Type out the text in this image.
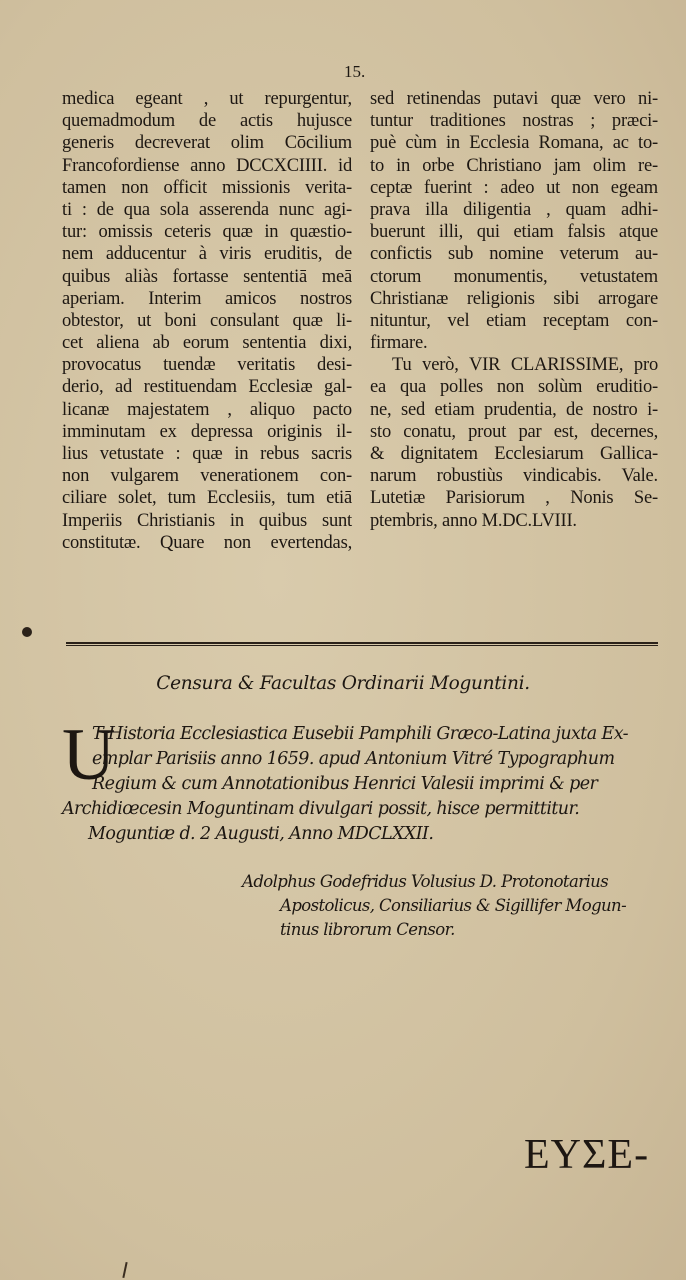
15.
medica egeant , ut repurgentur,
quemadmodum de actis hujusce
generis decreverat olim Cōcilium
Francofordiense anno DCCXCIIII. id
tamen non officit missionis verita-
ti : de qua sola asserenda nunc agi-
tur: omissis ceteris quæ in quæstio-
nem adducentur à viris eruditis, de
quibus aliàs fortasse sententiā meā
aperiam. Interim amicos nostros
obtestor, ut boni consulant quæ li-
cet aliena ab eorum sententia dixi,
provocatus tuendæ veritatis desi-
derio, ad restituendam Ecclesiæ gal-
licanæ majestatem , aliquo pacto
imminutam ex depressa originis il-
lius vetustate : quæ in rebus sacris
non vulgarem venerationem con-
ciliare solet, tum Ecclesiis, tum etiā
Imperiis Christianis in quibus sunt
constitutæ. Quare non evertendas,
sed retinendas putavi quæ vero ni-
tuntur traditiones nostras ; præci-
puè cùm in Ecclesia Romana, ac to-
to in orbe Christiano jam olim re-
ceptæ fuerint : adeo ut non egeam
prava illa diligentia , quam adhi-
buerunt illi, qui etiam falsis atque
confictis sub nomine veterum au-
ctorum monumentis, vetustatem
Christianæ religionis sibi arrogare
nituntur, vel etiam receptam con-
firmare.
Tu verò, VIR CLARISSIME, pro
ea qua polles non solùm eruditio-
ne, sed etiam prudentia, de nostro i-
sto conatu, prout par est, decernes,
& dignitatem Ecclesiarum Gallica-
narum robustiùs vindicabis. Vale.
Lutetiæ Parisiorum , Nonis Se-
ptembris, anno M.DC.LVIII.
Censura & Facultas Ordinarii Moguntini.
U
T Historia Ecclesiastica Eusebii Pamphili Græco-Latina juxta Ex-
emplar Parisiis anno 1659. apud Antonium Vitré Typographum
Regium & cum Annotationibus Henrici Valesii imprimi & per
Archidiœcesin Moguntinam divulgari possit, hisce permittitur.
Moguntiæ d. 2 Augusti, Anno MDCLXXII.
Adolphus Godefridus Volusius D. Protonotarius
Apostolicus, Consiliarius & Sigillifer Mogun-
tinus librorum Censor.
ΕΥΣΕ-
